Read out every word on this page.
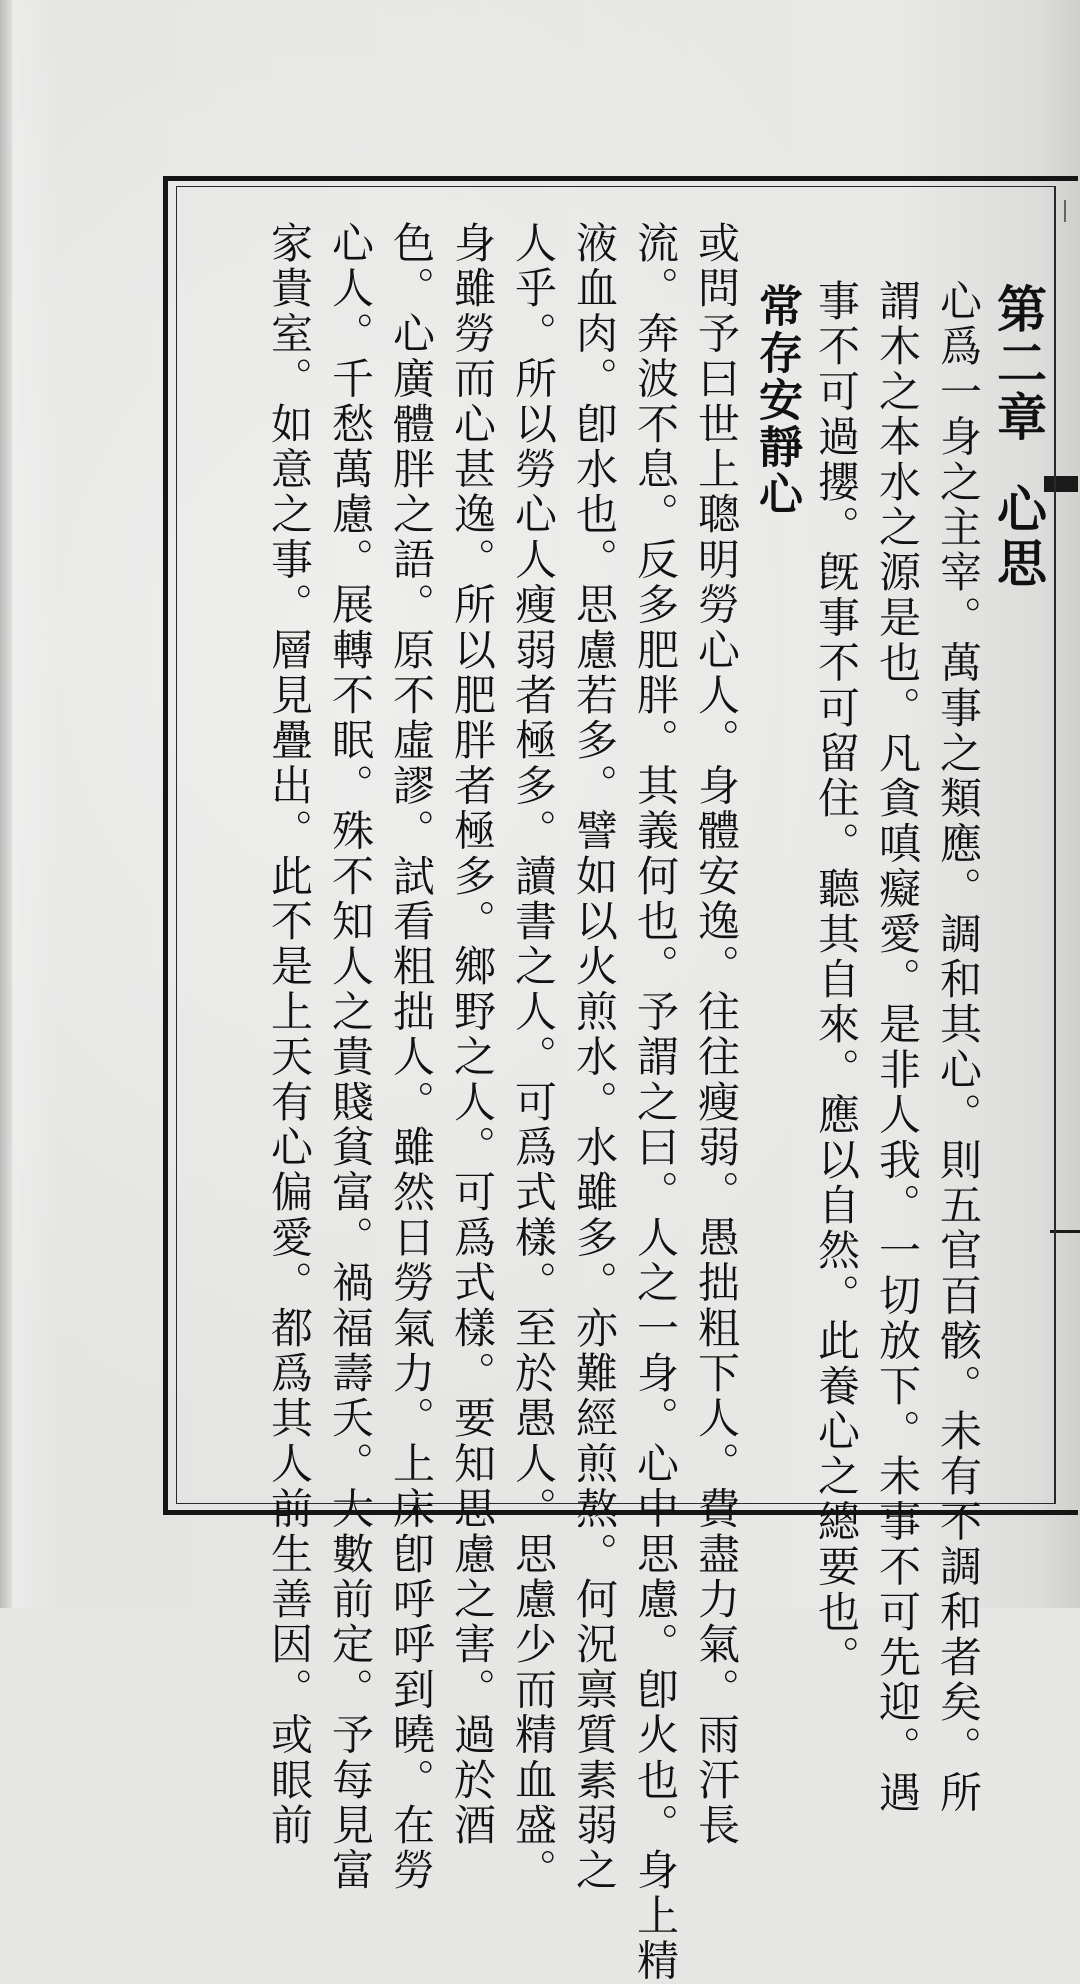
第二章心思
心爲一身之主宰。萬事之類應。調和其心。則五官百骸。未有不調和者矣。所
謂木之本水之源是也。凡貪嗔癡愛。是非人我。一切放下。未事不可先迎。遇
事不可過攖。旣事不可留住。聽其自來。應以自然。此養心之總要也。
常存安靜心
或問予曰世上聰明勞心人。身體安逸。往往瘦弱。愚拙粗下人。費盡力氣。雨汗長
流。奔波不息。反多肥胖。其義何也。予謂之曰。人之一身。心中思慮。卽火也。身上精
液血肉。卽水也。思慮若多。譬如以火煎水。水雖多。亦難經煎熬。何況禀質素弱之
人乎。所以勞心人瘦弱者極多。讀書之人。可爲式樣。至於愚人。思慮少而精血盛。
身雖勞而心甚逸。所以肥胖者極多。鄉野之人。可爲式樣。要知思慮之害。過於酒
色。心廣體胖之語。原不虛謬。試看粗拙人。雖然日勞氣力。上床卽呼呼到曉。在勞
心人。千愁萬慮。展轉不眠。殊不知人之貴賤貧富。禍福壽夭。大數前定。予每見富
家貴室。如意之事。層見疊出。此不是上天有心偏愛。都爲其人前生善因。或眼前
